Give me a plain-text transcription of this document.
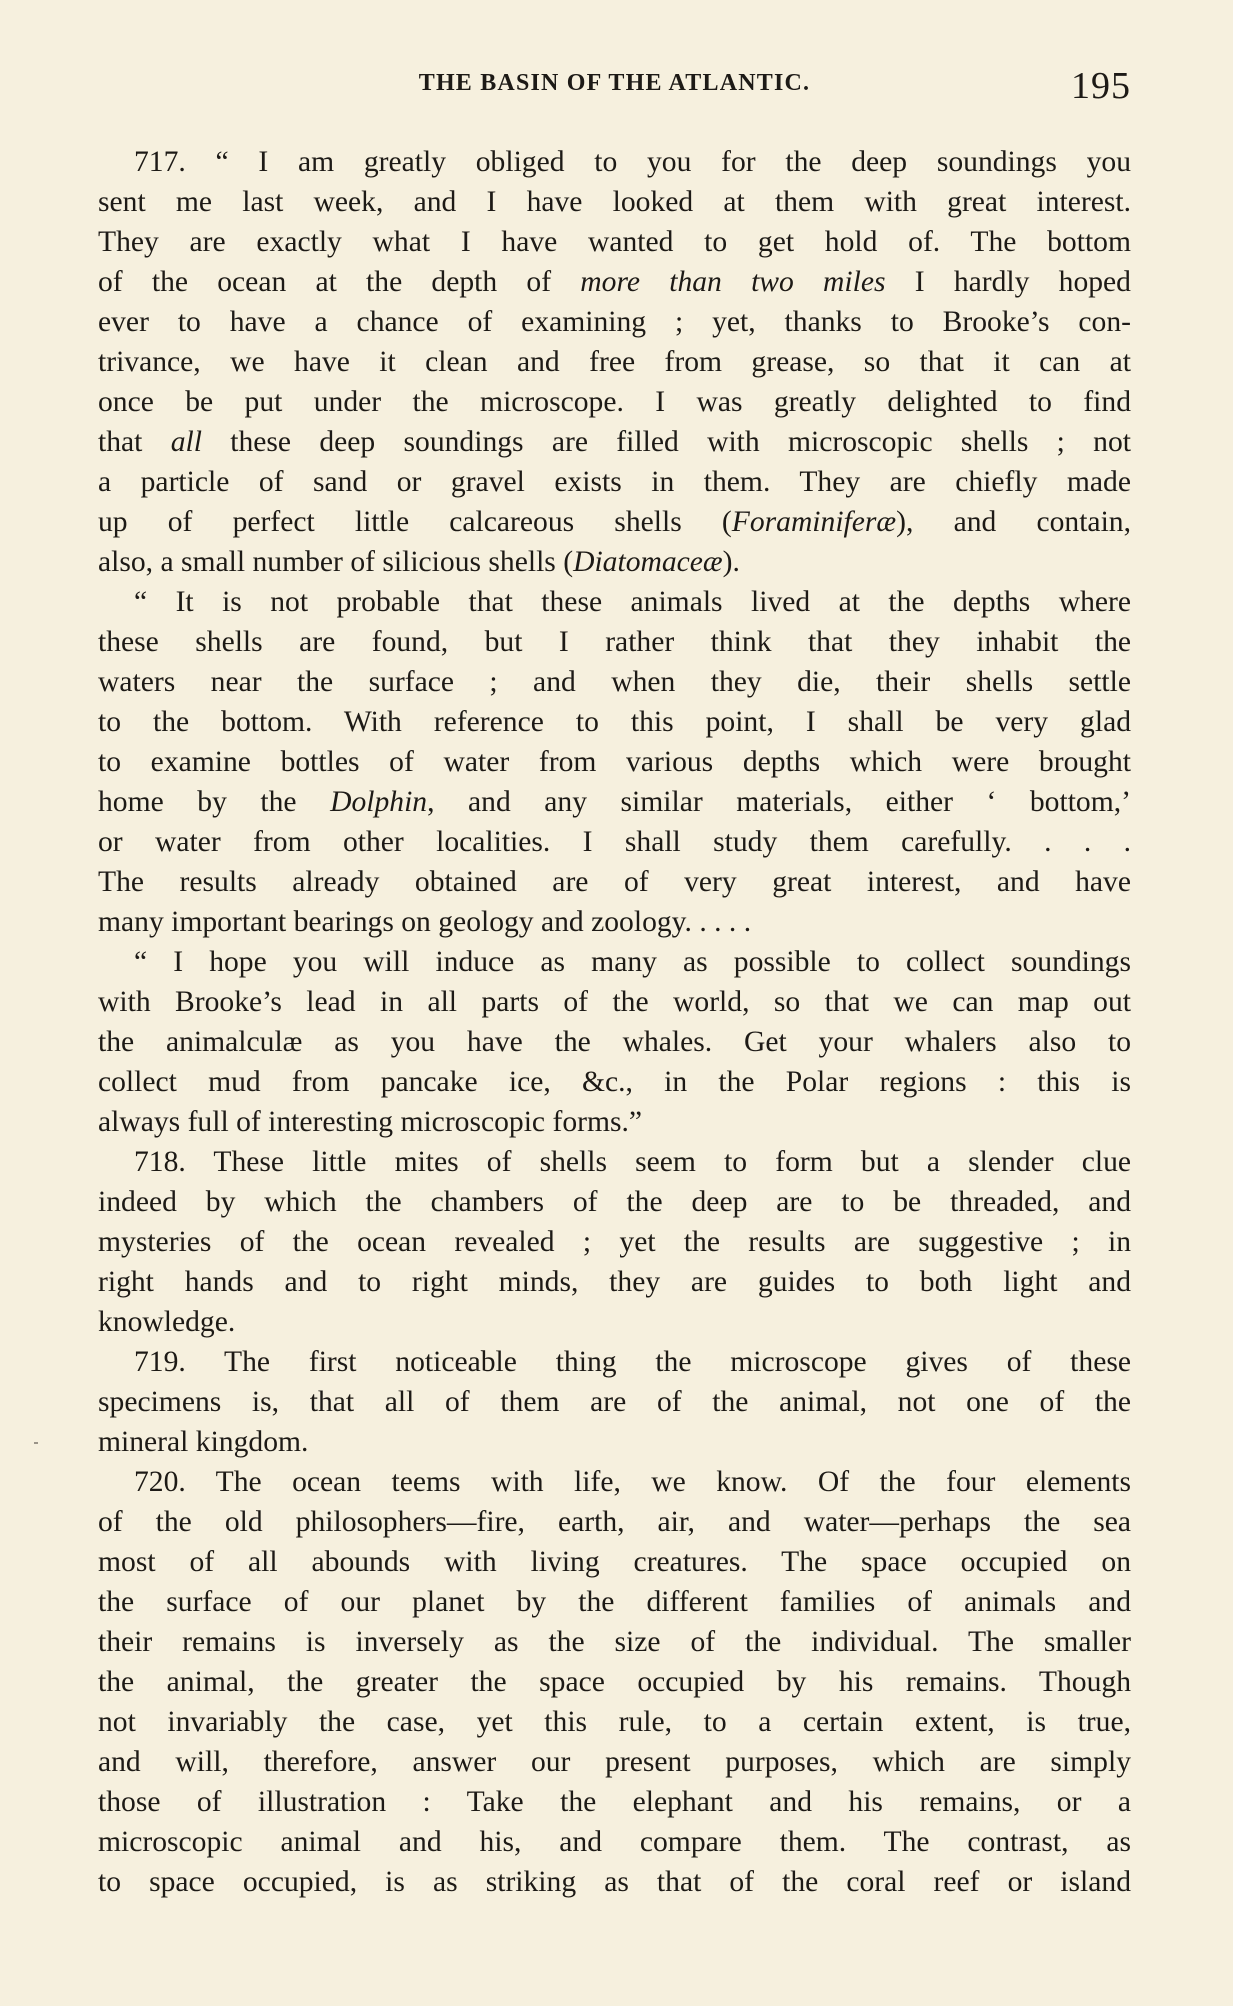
THE BASIN OF THE ATLANTIC.	195
717. “ I am greatly obliged to you for the deep soundings you
sent me last week, and I have looked at them with great interest.
They are exactly what I have wanted to get hold of. The bottom
of the ocean at the depth of more than two miles I hardly hoped
ever to have a chance of examining ; yet, thanks to Brooke’s con-
trivance, we have it clean and free from grease, so that it can at
once be put under the microscope. I was greatly delighted to find
that all these deep soundings are filled with microscopic shells ; not
a particle of sand or gravel exists in them. They are chiefly made
up of perfect little calcareous shells (Foraminiferæ), and contain,
also, a small number of silicious shells (Diatomaceæ).
“ It is not probable that these animals lived at the depths where
these shells are found, but I rather think that they inhabit the
waters near the surface ; and when they die, their shells settle
to the bottom. With reference to this point, I shall be very glad
to examine bottles of water from various depths which were brought
home by the Dolphin, and any similar materials, either ‘ bottom,’
or water from other localities. I shall study them carefully. . . .
The results already obtained are of very great interest, and have
many important bearings on geology and zoology. . . . .
“ I hope you will induce as many as possible to collect soundings
with Brooke’s lead in all parts of the world, so that we can map out
the animalculæ as you have the whales. Get your whalers also to
collect mud from pancake ice, &c., in the Polar regions : this is
always full of interesting microscopic forms.”
718. These little mites of shells seem to form but a slender clue
indeed by which the chambers of the deep are to be threaded, and
mysteries of the ocean revealed ; yet the results are suggestive ; in
right hands and to right minds, they are guides to both light and
knowledge.
719. The first noticeable thing the microscope gives of these
specimens is, that all of them are of the animal, not one of the
mineral kingdom.
720. The ocean teems with life, we know. Of the four elements
of the old philosophers—fire, earth, air, and water—perhaps the sea
most of all abounds with living creatures. The space occupied on
the surface of our planet by the different families of animals and
their remains is inversely as the size of the individual. The smaller
the animal, the greater the space occupied by his remains. Though
not invariably the case, yet this rule, to a certain extent, is true,
and will, therefore, answer our present purposes, which are simply
those of illustration : Take the elephant and his remains, or a
microscopic animal and his, and compare them. The contrast, as
to space occupied, is as striking as that of the coral reef or island
